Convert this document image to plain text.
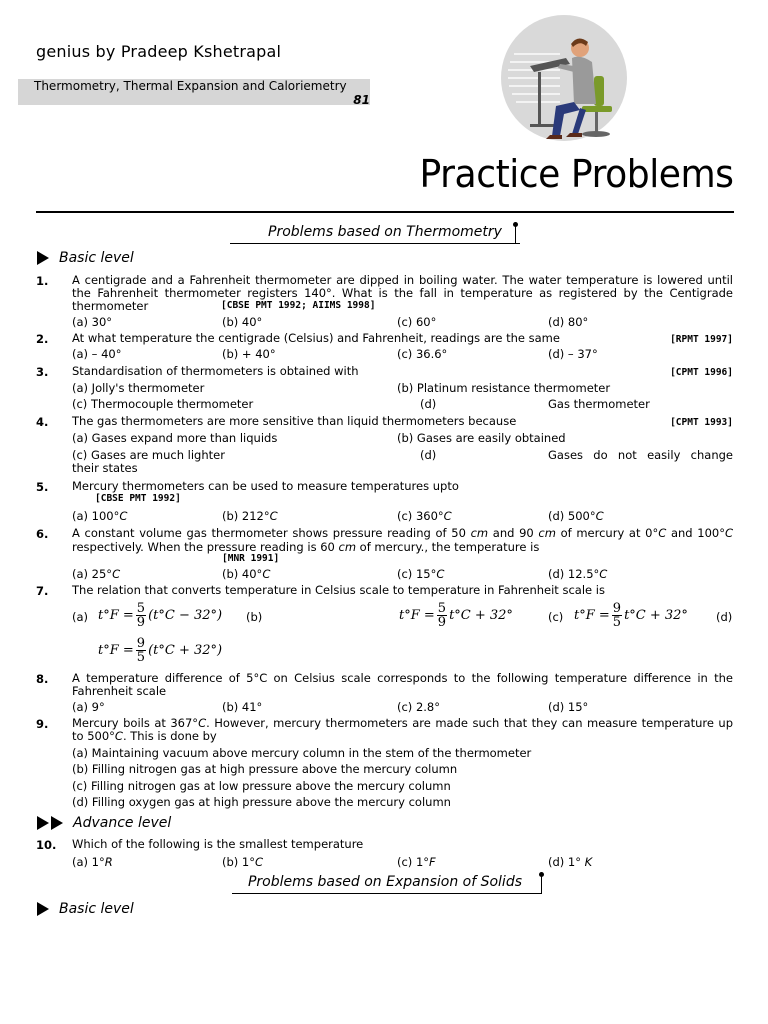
genius by Pradeep Kshetrapal
Thermometry, Thermal Expansion and Caloriemetry
81
Practice Problems
Problems based on Thermometry
Basic level
1. A centigrade and a Fahrenheit thermometer are dipped in boiling water. The water temperature is lowered until the Fahrenheit thermometer registers 140°. What is the fall in temperature as registered by the Centigrade thermometer	[CBSE PMT 1992; AIIMS 1998]
(a) 30°	(b) 40°	(c) 60°	(d) 80°
2. At what temperature the centigrade (Celsius) and Fahrenheit, readings are the same	[RPMT 1997]
(a) – 40°	(b) + 40°	(c) 36.6°	(d) – 37°
3. Standardisation of thermometers is obtained with	[CPMT 1996]
(a) Jolly's thermometer	(b) Platinum resistance thermometer
(c) Thermocouple thermometer	(d)	Gas thermometer
4. The gas thermometers are more sensitive than liquid thermometers because	[CPMT 1993]
(a) Gases expand more than liquids	(b) Gases are easily obtained
(c) Gases are much lighter	(d)	Gases do not easily change
their states
5. Mercury thermometers can be used to measure temperatures upto
[CBSE PMT 1992]
(a) 100°C	(b) 212°C	(c) 360°C	(d) 500°C
6. A constant volume gas thermometer shows pressure reading of 50 cm and 90 cm of mercury at 0°C and 100°C
respectively. When the pressure reading is 60 cm of mercury., the temperature is
[MNR 1991]
(a) 25°C	(b) 40°C	(c) 15°C	(d) 12.5°C
7. The relation that converts temperature in Celsius scale to temperature in Fahrenheit scale is
(a) $t^\circ F = \frac{5}{9} (t^\circ C - 32^\circ)$ (b)	$t^\circ F = \frac{5}{9} t^\circ C + 32^\circ$	(c) $t^\circ F = \frac{9}{5} t^\circ C + 32^\circ$ (d)
$t^\circ F = \frac{9}{5} (t^\circ C + 32^\circ)$
8. A temperature difference of 5°C on Celsius scale corresponds to the following temperature difference in the Fahrenheit scale
(a) 9°	(b) 41°	(c) 2.8°	(d) 15°
9. Mercury boils at 367°C. However, mercury thermometers are made such that they can measure temperature up to 500°C. This is done by
(a) Maintaining vacuum above mercury column in the stem of the thermometer
(b) Filling nitrogen gas at high pressure above the mercury column
(c) Filling nitrogen gas at low pressure above the mercury column
(d) Filling oxygen gas at high pressure above the mercury column
Advance level
10. Which of the following is the smallest temperature
(a) 1°R	(b) 1°C	(c) 1°F	(d) 1° K
Problems based on Expansion of Solids
Basic level
